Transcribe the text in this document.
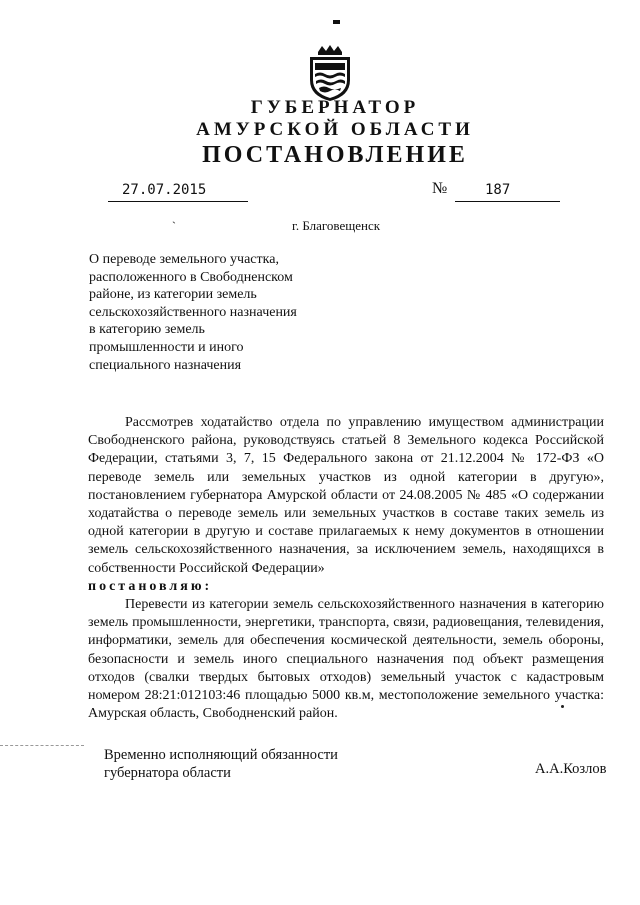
ГУБЕРНАТОР
АМУРСКОЙ ОБЛАСТИ
ПОСТАНОВЛЕНИЕ
27.07.2015	№	187
ˎ
г. Благовещенск
О переводе земельного участка,
расположенного в Свободненском
районе, из категории земель
сельскохозяйственного назначения
в категорию земель
промышленности и иного
специального назначения

Рассмотрев ходатайство отдела по управлению имуществом администрации Свободненского района, руководствуясь статьей 8 Земельного кодекса Российской Федерации, статьями 3, 7, 15 Федерального закона от 21.12.2004 № 172-ФЗ «О переводе земель или земельных участков из одной категории в другую», постановлением губернатора Амурской области от 24.08.2005 № 485 «О содержании ходатайства о переводе земель или земельных участков в составе таких земель из одной категории в другую и составе прилагаемых к нему документов в отношении земель сельскохозяйственного назначения, за исключением земель, находящихся в собственности Российской Федерации»

постановляю:

Перевести из категории земель сельскохозяйственного назначения в категорию земель промышленности, энергетики, транспорта, связи, радиовещания, телевидения, информатики, земель для обеспечения космической деятельности, земель обороны, безопасности и земель иного специального назначения под объект размещения отходов (свалки твердых бытовых отходов) земельный участок с кадастровым номером 28:21:012103:46 площадью 5000 кв.м, местоположение земельного участка: Амурская область, Свободненский район.

Временно исполняющий обязанности
губернатора области	А.А.Козлов
